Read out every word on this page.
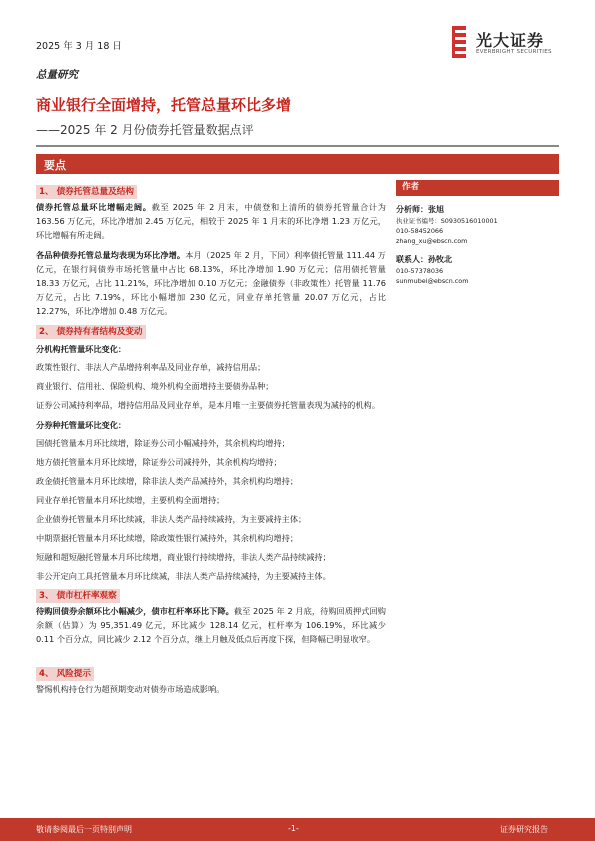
2025 年 3 月 18 日	光大证券
EVERBRIGHT SECURITIES
总量研究
商业银行全面增持，托管总量环比多增
——2025 年 2 月份债券托管量数据点评
要点
1、 债券托管总量及结构

债券托管总量环比增幅走阔。截至 2025 年 2 月末，中债登和上清所的债券托管量合计为 163.56 万亿元，环比净增加 2.45 万亿元，相较于 2025 年 1 月末的环比净增 1.23 万亿元，环比增幅有所走阔。

各品种债券托管总量均表现为环比净增。本月（2025 年 2 月，下同）利率债托管量 111.44 万亿元，在银行间债券市场托管量中占比 68.13%，环比净增加 1.90 万亿元；信用债托管量 18.33 万亿元，占比 11.21%，环比净增加 0.10 万亿元；金融债券（非政策性）托管量 11.76 万亿元，占比 7.19%，环比小幅增加 230 亿元，同业存单托管量 20.07 万亿元，占比 12.27%，环比净增加 0.48 万亿元。

2、 债券持有者结构及变动
分机构托管量环比变化：
政策性银行、非法人产品增持利率品及同业存单，减持信用品；
商业银行、信用社、保险机构、境外机构全面增持主要债券品种；
证券公司减持利率品，增持信用品及同业存单，是本月唯一主要债券托管量表现为减持的机构。
分券种托管量环比变化：
国债托管量本月环比续增，除证券公司小幅减持外，其余机构均增持；
地方债托管量本月环比续增，除证券公司减持外，其余机构均增持；
政金债托管量本月环比续增，除非法人类产品减持外，其余机构均增持；
同业存单托管量本月环比续增，主要机构全面增持；
企业债券托管量本月环比续减，非法人类产品持续减持，为主要减持主体；
中期票据托管量本月环比续增，除政策性银行减持外，其余机构均增持；
短融和超短融托管量本月环比续增，商业银行持续增持，非法人类产品持续减持；
非公开定向工具托管量本月环比续减，非法人类产品持续减持，为主要减持主体。
3、 债市杠杆率观察

待购回债券余额环比小幅减少，债市杠杆率环比下降。截至 2025 年 2 月底，待购回质押式回购余额（估算）为 95,351.49 亿元，环比减少 128.14 亿元，杠杆率为 106.19%，环比减少 0.11 个百分点，同比减少 2.12 个百分点，继上月触及低点后再度下探，但降幅已明显收窄。

4、 风险提示

警惕机构持仓行为超预期变动对债券市场造成影响。

作者
分析师：张旭
执业证书编号：S0930516010001
010-58452066
zhang_xu@ebscn.com
联系人：孙牧北
010-57378036
sunmubei@ebscn.com
敬请参阅最后一页特别声明	-1-	证券研究报告
